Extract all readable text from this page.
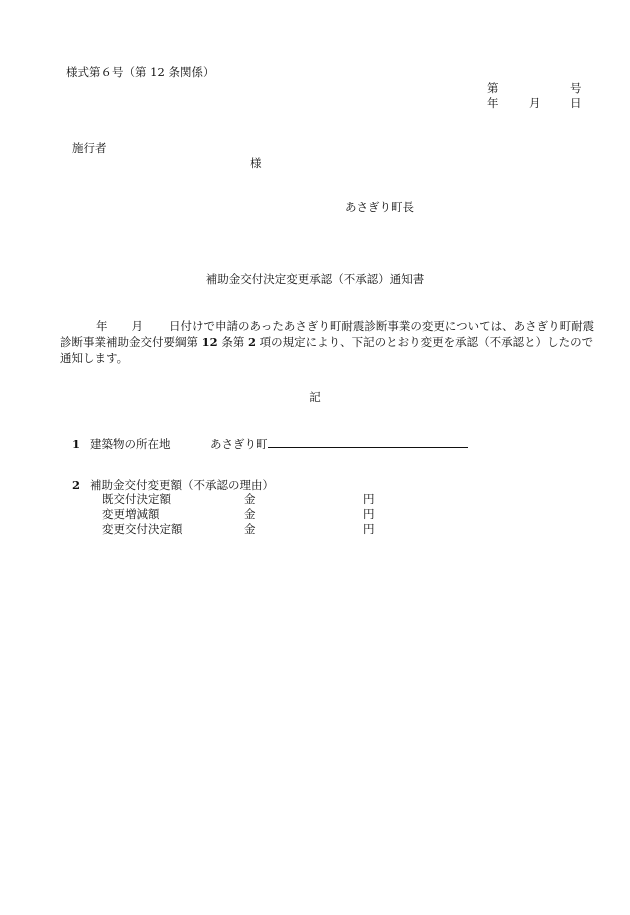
様式第６号（第 12 条関係）
第	号
年	月	日
施行者
様
あさぎり町長
補助金交付決定変更承認（不承認）通知書
年 月 日付けで申請のあったあさぎり町耐震診断事業の変更については、あさぎり町耐震診断事業補助金交付要綱第 12 条第 2 項の規定により、下記のとおり変更を承認（不承認と）したので通知します。
記
1 建築物の所在地	あさぎり町
2 補助金交付変更額（不承認の理由）
既交付決定額	金	円
変更増減額	金	円
変更交付決定額	金	円
